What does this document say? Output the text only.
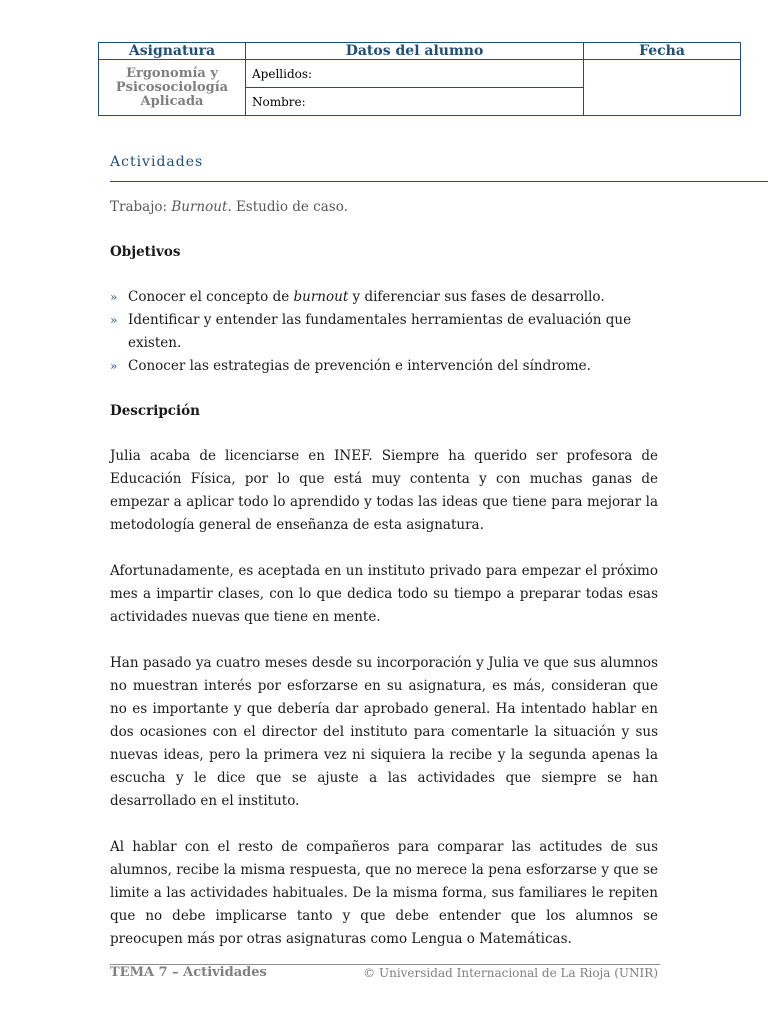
Asignatura	Datos del alumno	Fecha
Ergonomía y
Psicosociología
Aplicada	Apellidos:	
	Nombre:	
Actividades

Trabajo: Burnout. Estudio de caso.

Objetivos

» Conocer el concepto de burnout y diferenciar sus fases de desarrollo.
» Identificar y entender las fundamentales herramientas de evaluación que existen.
» Conocer las estrategias de prevención e intervención del síndrome.

Descripción

Julia acaba de licenciarse en INEF. Siempre ha querido ser profesora de Educación Física, por lo que está muy contenta y con muchas ganas de empezar a aplicar todo lo aprendido y todas las ideas que tiene para mejorar la metodología general de enseñanza de esta asignatura.

Afortunadamente, es aceptada en un instituto privado para empezar el próximo mes a impartir clases, con lo que dedica todo su tiempo a preparar todas esas actividades nuevas que tiene en mente.

Han pasado ya cuatro meses desde su incorporación y Julia ve que sus alumnos no muestran interés por esforzarse en su asignatura, es más, consideran que no es importante y que debería dar aprobado general. Ha intentado hablar en dos ocasiones con el director del instituto para comentarle la situación y sus nuevas ideas, pero la primera vez ni siquiera la recibe y la segunda apenas la escucha y le dice que se ajuste a las actividades que siempre se han desarrollado en el instituto.

Al hablar con el resto de compañeros para comparar las actitudes de sus alumnos, recibe la misma respuesta, que no merece la pena esforzarse y que se limite a las actividades habituales. De la misma forma, sus familiares le repiten que no debe implicarse tanto y que debe entender que los alumnos se preocupen más por otras asignaturas como Lengua o Matemáticas.

TEMA 7 – Actividades	© Universidad Internacional de La Rioja (UNIR)
